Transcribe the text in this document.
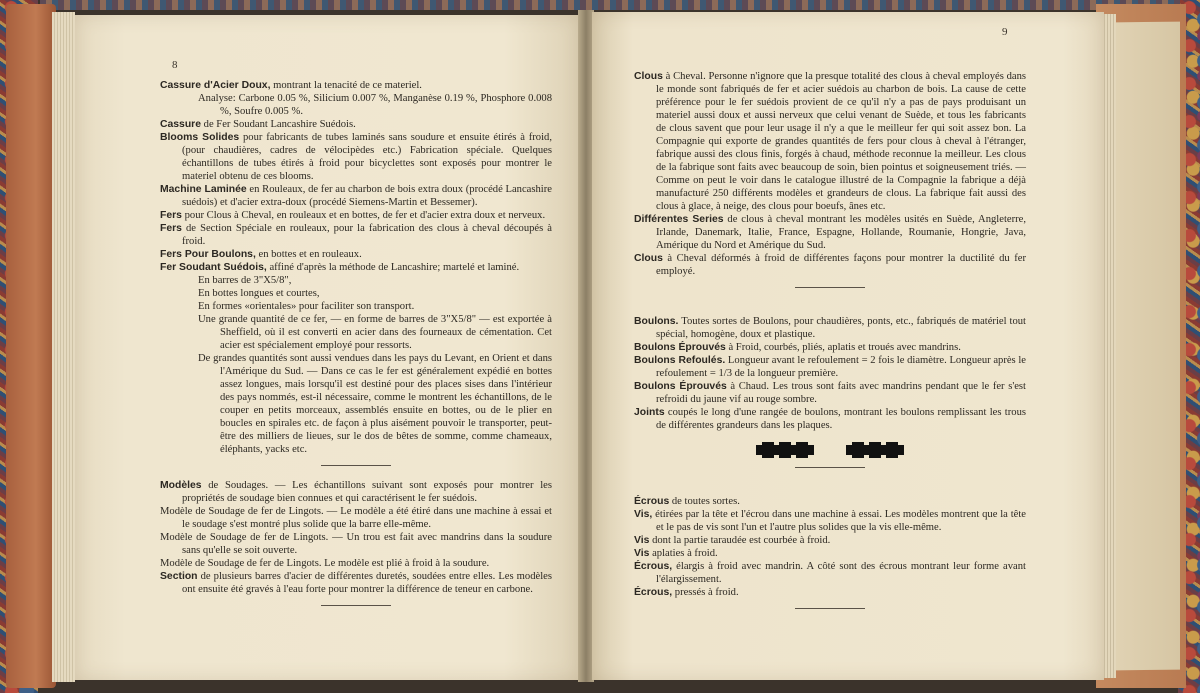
8

Cassure d'Acier Doux, montrant la tenacité de ce materiel.

Analyse: Carbone 0.05 %, Silicium 0.007 %, Manganèse 0.19 %, Phosphore 0.008 %, Soufre 0.005 %.

Cassure de Fer Soudant Lancashire Suédois.

Blooms Solides pour fabricants de tubes laminés sans soudure et ensuite étirés à froid, (pour chaudières, cadres de vélocipèdes etc.) Fabrication spéciale. Quelques échantillons de tubes étirés à froid pour bicyclettes sont exposés pour montrer le materiel obtenu de ces blooms.

Machine Laminée en Rouleaux, de fer au charbon de bois extra doux (procédé Lancashire suédois) et d'acier extra-doux (procédé Siemens-Martin et Bessemer).

Fers pour Clous à Cheval, en rouleaux et en bottes, de fer et d'acier extra doux et nerveux.

Fers de Section Spéciale en rouleaux, pour la fabrication des clous à cheval découpés à froid.

Fers Pour Boulons, en bottes et en rouleaux.

Fer Soudant Suédois, affiné d'après la méthode de Lancashire; martelé et laminé.

En barres de 3"X5/8",

En bottes longues et courtes,

En formes «orientales» pour faciliter son transport.

Une grande quantité de ce fer, — en forme de barres de 3"X5/8" — est exportée à Sheffield, où il est converti en acier dans des fourneaux de cémentation. Cet acier est spécialement employé pour ressorts.

De grandes quantités sont aussi vendues dans les pays du Levant, en Orient et dans l'Amérique du Sud. — Dans ce cas le fer est généralement expédié en bottes assez longues, mais lorsqu'il est destiné pour des places sises dans l'intérieur des pays nommés, est-il nécessaire, comme le montrent les échantillons, de le couper en petits morceaux, assemblés ensuite en bottes, ou de le plier en boucles en spirales etc. de façon à plus aisément pouvoir le transporter, peut-être des milliers de lieues, sur le dos de bêtes de somme, comme chameaux, éléphants, yacks etc.

Modèles de Soudages. — Les échantillons suivant sont exposés pour montrer les propriétés de soudage bien connues et qui caractérisent le fer suédois.

Modèle de Soudage de fer de Lingots. — Le modèle a été étiré dans une machine à essai et le soudage s'est montré plus solide que la barre elle-même.

Modèle de Soudage de fer de Lingots. — Un trou est fait avec mandrins dans la soudure sans qu'elle se soit ouverte.

Modèle de Soudage de fer de Lingots. Le modèle est plié à froid à la soudure.

Section de plusieurs barres d'acier de différentes duretés, soudées entre elles. Les modèles ont ensuite été gravés à l'eau forte pour montrer la différence de teneur en carbone.

9

Clous à Cheval. Personne n'ignore que la presque totalité des clous à cheval employés dans le monde sont fabriqués de fer et acier suédois au charbon de bois. La cause de cette préférence pour le fer suédois provient de ce qu'il n'y a pas de pays produisant un materiel aussi doux et aussi nerveux que celui venant de Suède, et tous les fabricants de clous savent que pour leur usage il n'y a que le meilleur fer qui soit assez bon. La Compagnie qui exporte de grandes quantités de fers pour clous à cheval à l'étranger, fabrique aussi des clous finis, forgés à chaud, méthode reconnue la meilleur. Les clous de la fabrique sont faits avec beaucoup de soin, bien pointus et soigneusement triés. — Comme on peut le voir dans le catalogue illustré de la Compagnie la fabrique a déjà manufacturé 250 différents modèles et grandeurs de clous. La fabrique fait aussi des clous à glace, à neige, des clous pour boeufs, ânes etc.

Différentes Series de clous à cheval montrant les modèles usités en Suède, Angleterre, Irlande, Danemark, Italie, France, Espagne, Hollande, Roumanie, Hongrie, Java, Amérique du Nord et Amérique du Sud.

Clous à Cheval déformés à froid de différentes façons pour montrer la ductilité du fer employé.

Boulons. Toutes sortes de Boulons, pour chaudières, ponts, etc., fabriqués de matériel tout spécial, homogène, doux et plastique.

Boulons Éprouvés à Froid, courbés, pliés, aplatis et troués avec mandrins.

Boulons Refoulés. Longueur avant le refoulement = 2 fois le diamètre. Longueur après le refoulement = 1/3 de la longueur première.

Boulons Éprouvés à Chaud. Les trous sont faits avec mandrins pendant que le fer s'est refroidi du jaune vif au rouge sombre.

Joints coupés le long d'une rangée de boulons, montrant les boulons remplissant les trous de différentes grandeurs dans les plaques.

Écrous de toutes sortes.

Vis, étirées par la tête et l'écrou dans une machine à essai. Les modèles montrent que la tête et le pas de vis sont l'un et l'autre plus solides que la vis elle-même.

Vis dont la partie taraudée est courbée à froid.

Vis aplaties à froid.

Écrous, élargis à froid avec mandrin. A côté sont des écrous montrant leur forme avant l'élargissement.

Écrous, pressés à froid.
